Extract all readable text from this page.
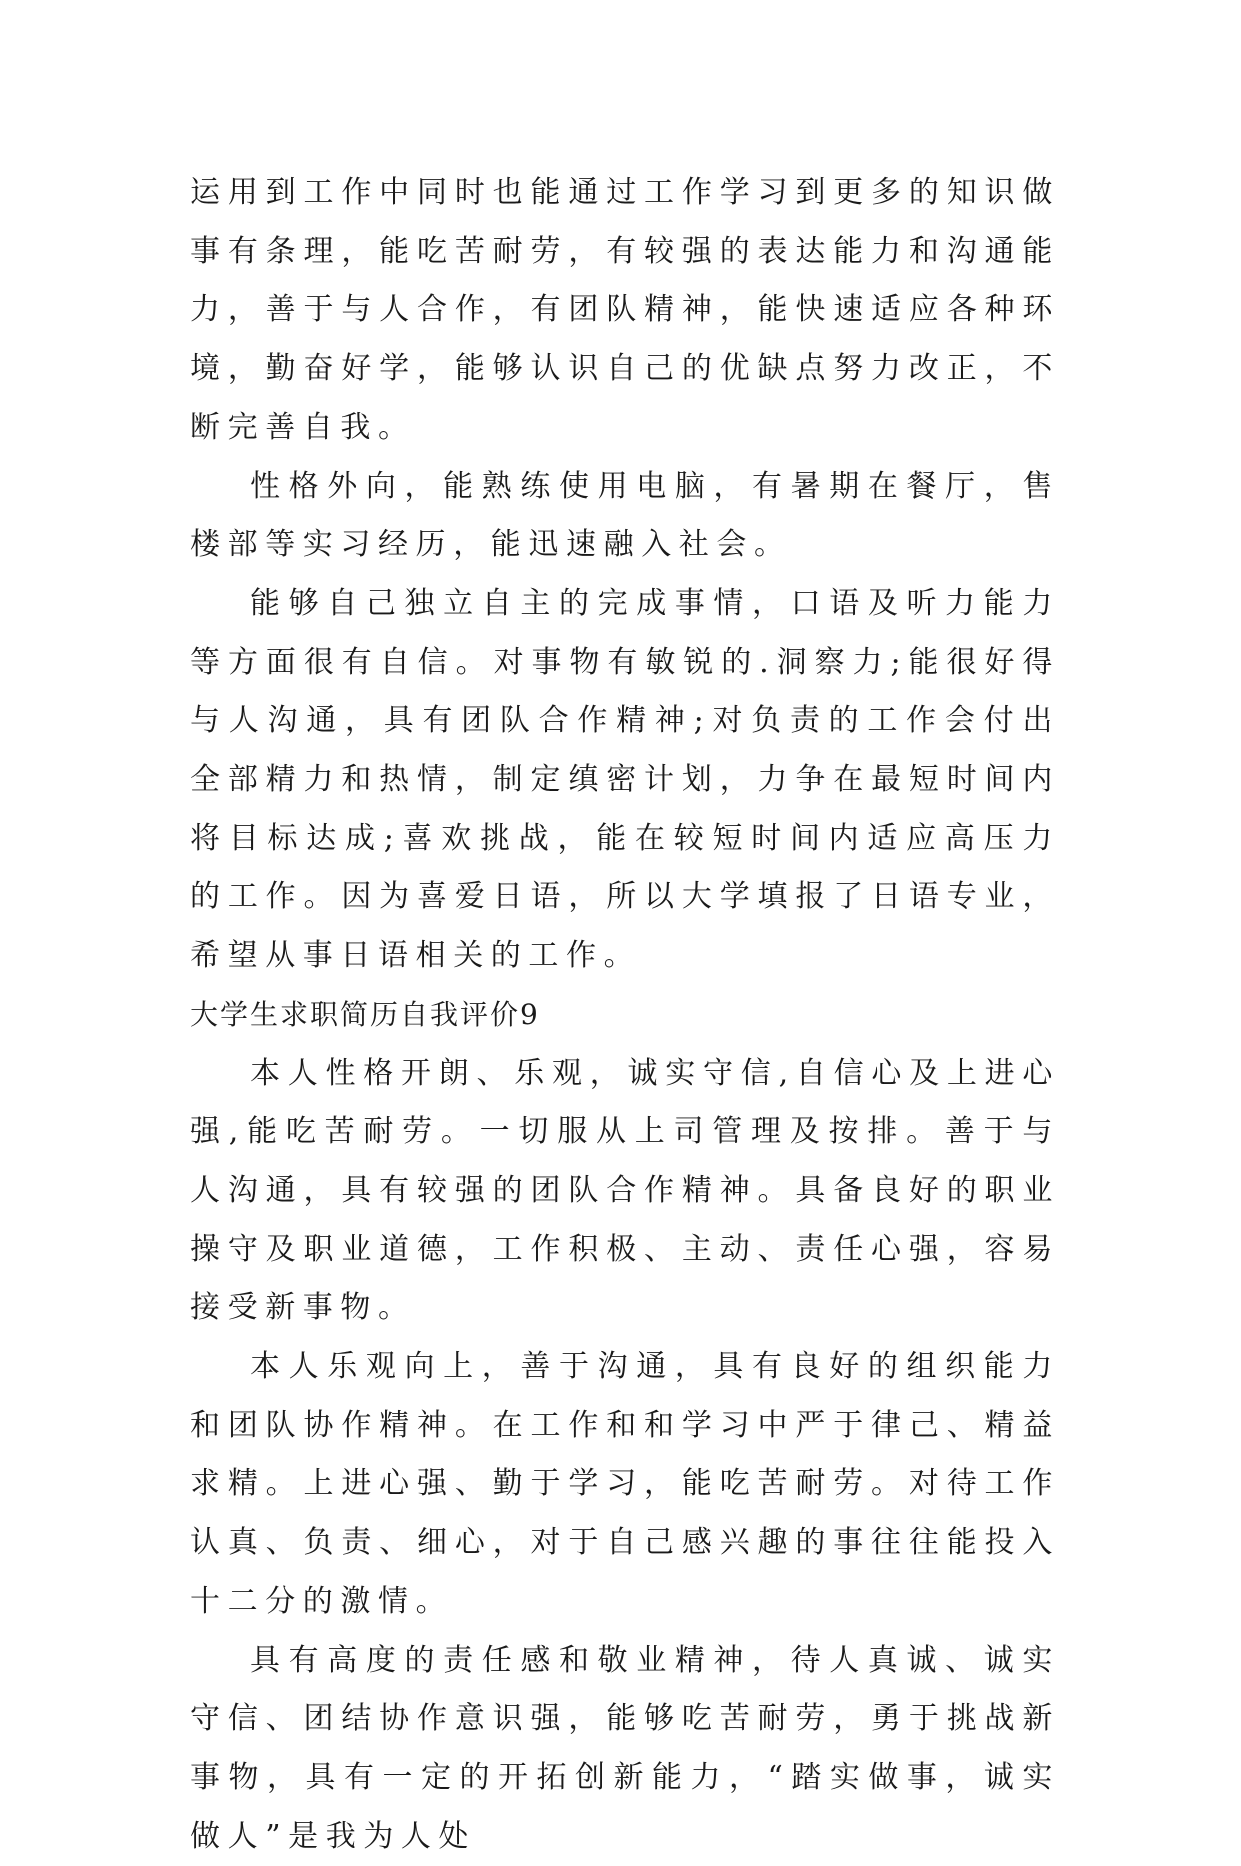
运用到工作中同时也能通过工作学习到更多的知识做事有条理，能吃苦耐劳，有较强的表达能力和沟通能力，善于与人合作，有团队精神，能快速适应各种环境，勤奋好学，能够认识自己的优缺点努力改正，不断完善自我。

性格外向，能熟练使用电脑，有暑期在餐厅，售楼部等实习经历，能迅速融入社会。

能够自己独立自主的完成事情，口语及听力能力等方面很有自信。对事物有敏锐的.洞察力;能很好得与人沟通，具有团队合作精神;对负责的工作会付出全部精力和热情，制定缜密计划，力争在最短时间内将目标达成;喜欢挑战，能在较短时间内适应高压力的工作。因为喜爱日语，所以大学填报了日语专业，希望从事日语相关的工作。

大学生求职简历自我评价9

本人性格开朗、乐观，诚实守信,自信心及上进心强,能吃苦耐劳。一切服从上司管理及按排。善于与人沟通，具有较强的团队合作精神。具备良好的职业操守及职业道德，工作积极、主动、责任心强，容易接受新事物。

本人乐观向上，善于沟通，具有良好的组织能力和团队协作精神。在工作和和学习中严于律己、精益求精。上进心强、勤于学习，能吃苦耐劳。对待工作认真、负责、细心，对于自己感兴趣的事往往能投入十二分的激情。

具有高度的责任感和敬业精神，待人真诚、诚实守信、团结协作意识强，能够吃苦耐劳，勇于挑战新事物，具有一定的开拓创新能力，“踏实做事，诚实做人”是我为人处
